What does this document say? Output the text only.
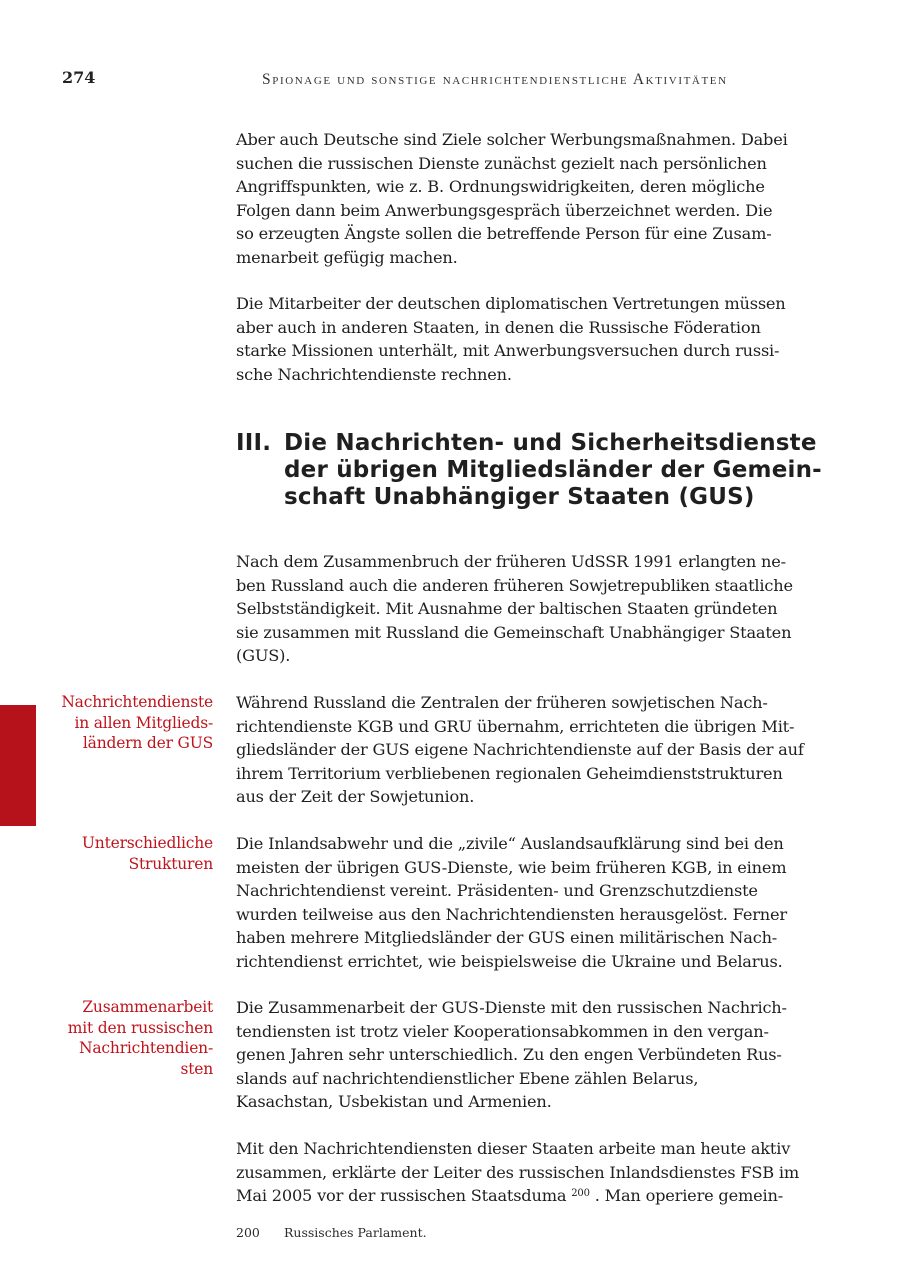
274	Spionage und sonstige nachrichtendienstliche Aktivitäten
Aber auch Deutsche sind Ziele solcher Werbungsmaßnahmen. Dabei
suchen die russischen Dienste zunächst gezielt nach persönlichen
Angriffspunkten, wie z. B. Ordnungswidrigkeiten, deren mögliche
Folgen dann beim Anwerbungsgespräch überzeichnet werden. Die
so erzeugten Ängste sollen die betreffende Person für eine Zusam-
menarbeit gefügig machen.
Die Mitarbeiter der deutschen diplomatischen Vertretungen müssen
aber auch in anderen Staaten, in denen die Russische Föderation
starke Missionen unterhält, mit Anwerbungsversuchen durch russi-
sche Nachrichtendienste rechnen.
III. Die Nachrichten- und Sicherheitsdienste
der übrigen Mitgliedsländer der Gemein-
schaft Unabhängiger Staaten (GUS)
Nach dem Zusammenbruch der früheren UdSSR 1991 erlangten ne-
ben Russland auch die anderen früheren Sowjetrepubliken staatliche
Selbstständigkeit. Mit Ausnahme der baltischen Staaten gründeten
sie zusammen mit Russland die Gemeinschaft Unabhängiger Staaten
(GUS).
Nachrichtendienste
in allen Mitglieds-
ländern der GUS
Während Russland die Zentralen der früheren sowjetischen Nach-
richtendienste KGB und GRU übernahm, errichteten die übrigen Mit-
gliedsländer der GUS eigene Nachrichtendienste auf der Basis der auf
ihrem Territorium verbliebenen regionalen Geheimdienststrukturen
aus der Zeit der Sowjetunion.
Unterschiedliche
Strukturen
Die Inlandsabwehr und die „zivile“ Auslandsaufklärung sind bei den
meisten der übrigen GUS-Dienste, wie beim früheren KGB, in einem
Nachrichtendienst vereint. Präsidenten- und Grenzschutzdienste
wurden teilweise aus den Nachrichtendiensten herausgelöst. Ferner
haben mehrere Mitgliedsländer der GUS einen militärischen Nach-
richtendienst errichtet, wie beispielsweise die Ukraine und Belarus.
Zusammenarbeit
mit den russischen
Nachrichtendien-
sten
Die Zusammenarbeit der GUS-Dienste mit den russischen Nachrich-
tendiensten ist trotz vieler Kooperationsabkommen in den vergan-
genen Jahren sehr unterschiedlich. Zu den engen Verbündeten Rus-
slands auf nachrichtendienstlicher Ebene zählen Belarus,
Kasachstan, Usbekistan und Armenien.
Mit den Nachrichtendiensten dieser Staaten arbeite man heute aktiv
zusammen, erklärte der Leiter des russischen Inlandsdienstes FSB im
Mai 2005 vor der russischen Staatsduma $^{200}$ . Man operiere gemein-
200 Russisches Parlament.
